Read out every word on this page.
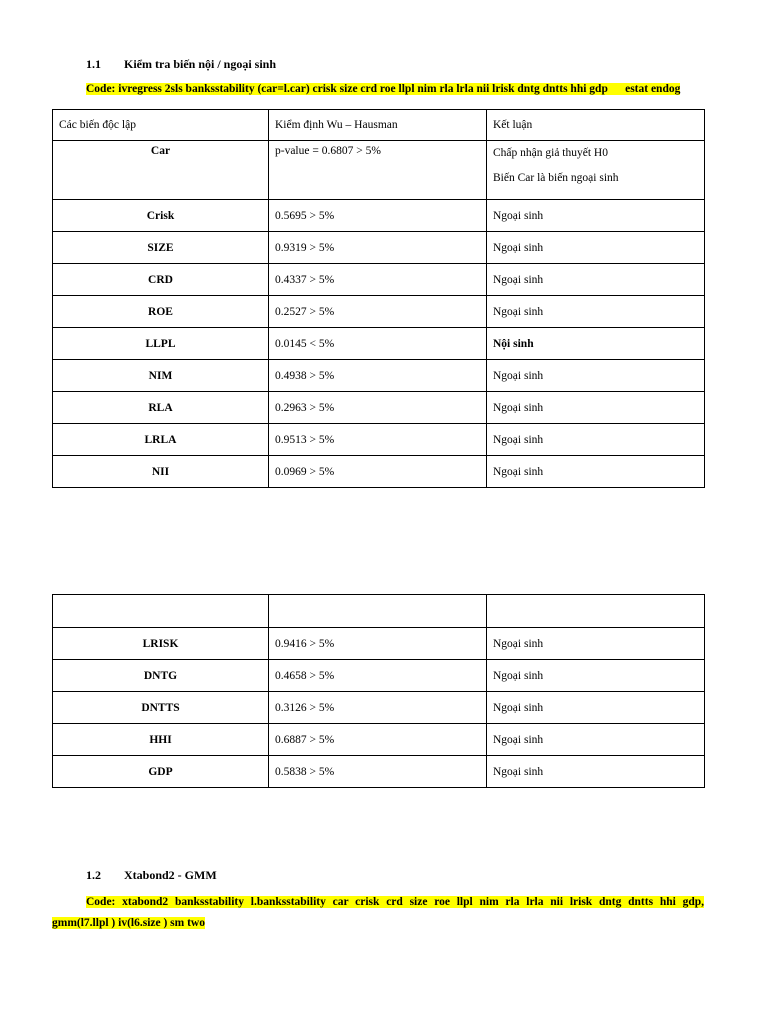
1.1 Kiểm tra biến nội / ngoại sinh
Code: ivregress 2sls banksstability (car=l.car) crisk size crd roe llpl nim rla lrla nii lrisk dntg dntts hhi gdp      estat endog
Các biến độc lập	Kiểm định Wu – Hausman	Kết luận
Car	p-value = 0.6807 > 5%	Chấp nhận giả thuyết H0
Biến Car là biến ngoại sinh

Crisk	0.5695 > 5%	Ngoại sinh
SIZE	0.9319 > 5%	Ngoại sinh
CRD	0.4337 > 5%	Ngoại sinh
ROE	0.2527 > 5%	Ngoại sinh
LLPL	0.0145 < 5%	Nội sinh
NIM	0.4938 > 5%	Ngoại sinh
RLA	0.2963 > 5%	Ngoại sinh
LRLA	0.9513 > 5%	Ngoại sinh
NII	0.0969 > 5%	Ngoại sinh

LRISK	0.9416 > 5%	Ngoại sinh
DNTG	0.4658 > 5%	Ngoại sinh
DNTTS	0.3126 > 5%	Ngoại sinh
HHI	0.6887 > 5%	Ngoại sinh
GDP	0.5838 > 5%	Ngoại sinh
1.2 Xtabond2 - GMM
Code: xtabond2 banksstability l.banksstability car crisk crd size roe llpl nim rla lrla nii lrisk dntg dntts hhi gdp,
gmm(l7.llpl ) iv(l6.size ) sm two
